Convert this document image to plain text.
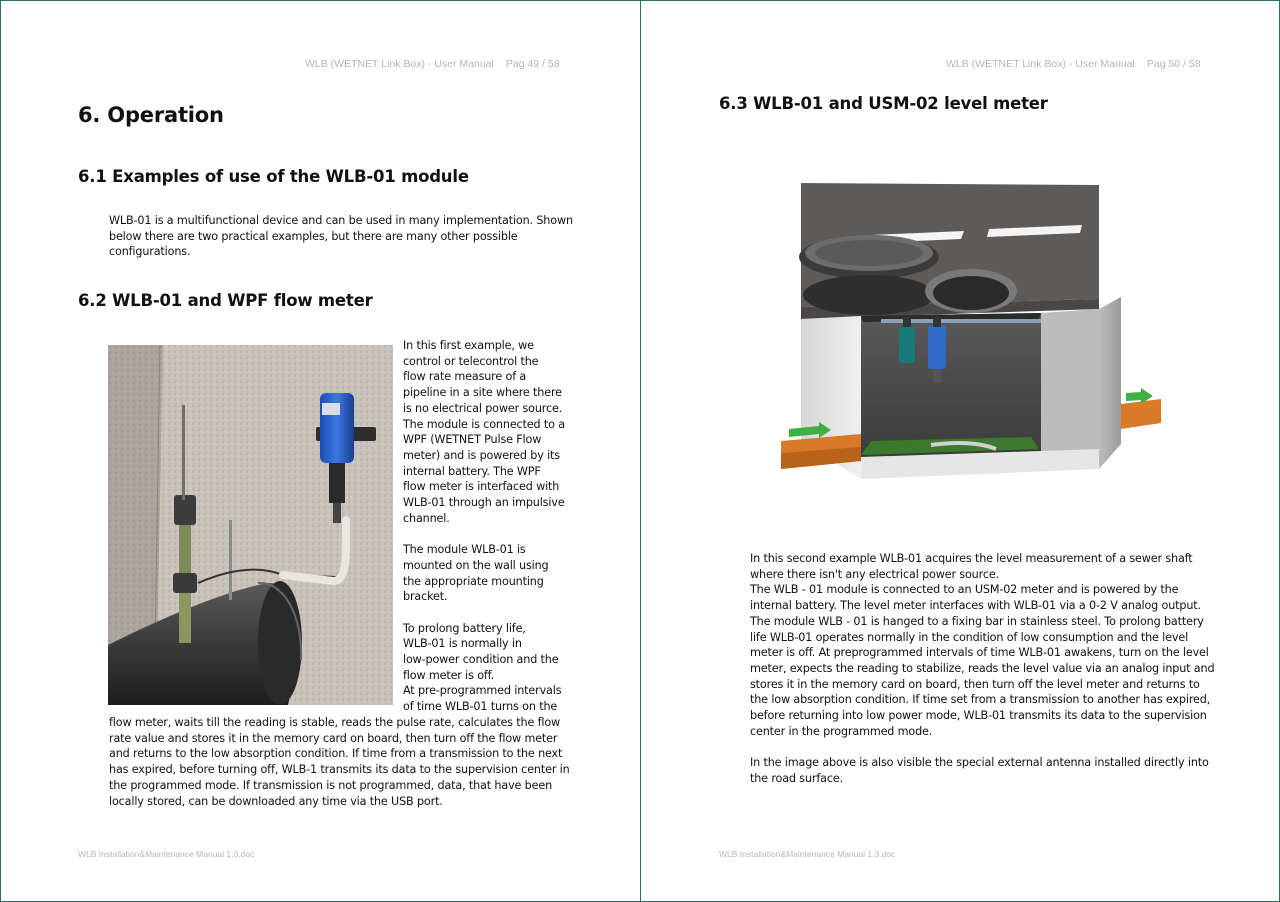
WLB (WETNET Link Box) - User Manual Pag 49 / 58
6. Operation
6.1 Examples of use of the WLB-01 module

WLB-01 is a multifunctional device and can be used in many implementation. Shown

below there are two practical examples, but there are many other possible

configurations.

6.2 WLB-01 and WPF flow meter

In this first example, we

control or telecontrol the

flow rate measure of a

pipeline in a site where there

is no electrical power source.

The module is connected to a

WPF (WETNET Pulse Flow

meter) and is powered by its

internal battery. The WPF

flow meter is interfaced with

WLB-01 through an impulsive

channel.

The module WLB-01 is

mounted on the wall using

the appropriate mounting

bracket.

To prolong battery life,

WLB-01 is normally in

low-power condition and the

flow meter is off.

At pre-programmed intervals

of time WLB-01 turns on the

flow meter, waits till the reading is stable, reads the pulse rate, calculates the flow

rate value and stores it in the memory card on board, then turn off the flow meter

and returns to the low absorption condition. If time from a transmission to the next

has expired, before turning off, WLB-1 transmits its data to the supervision center in

the programmed mode. If transmission is not programmed, data, that have been

locally stored, can be downloaded any time via the USB port.

WLB Installation&Maintenance Manual 1.3.doc
WLB (WETNET Link Box) - User Manual Pag 50 / 58
6.3 WLB-01 and USM-02 level meter

In this second example WLB-01 acquires the level measurement of a sewer shaft

where there isn't any electrical power source.

The WLB - 01 module is connected to an USM-02 meter and is powered by the

internal battery. The level meter interfaces with WLB-01 via a 0-2 V analog output.

The module WLB - 01 is hanged to a fixing bar in stainless steel. To prolong battery

life WLB-01 operates normally in the condition of low consumption and the level

meter is off. At preprogrammed intervals of time WLB-01 awakens, turn on the level

meter, expects the reading to stabilize, reads the level value via an analog input and

stores it in the memory card on board, then turn off the level meter and returns to

the low absorption condition. If time set from a transmission to another has expired,

before returning into low power mode, WLB-01 transmits its data to the supervision

center in the programmed mode.

In the image above is also visible the special external antenna installed directly into

the road surface.

WLB Installation&Maintenance Manual 1.3.doc
